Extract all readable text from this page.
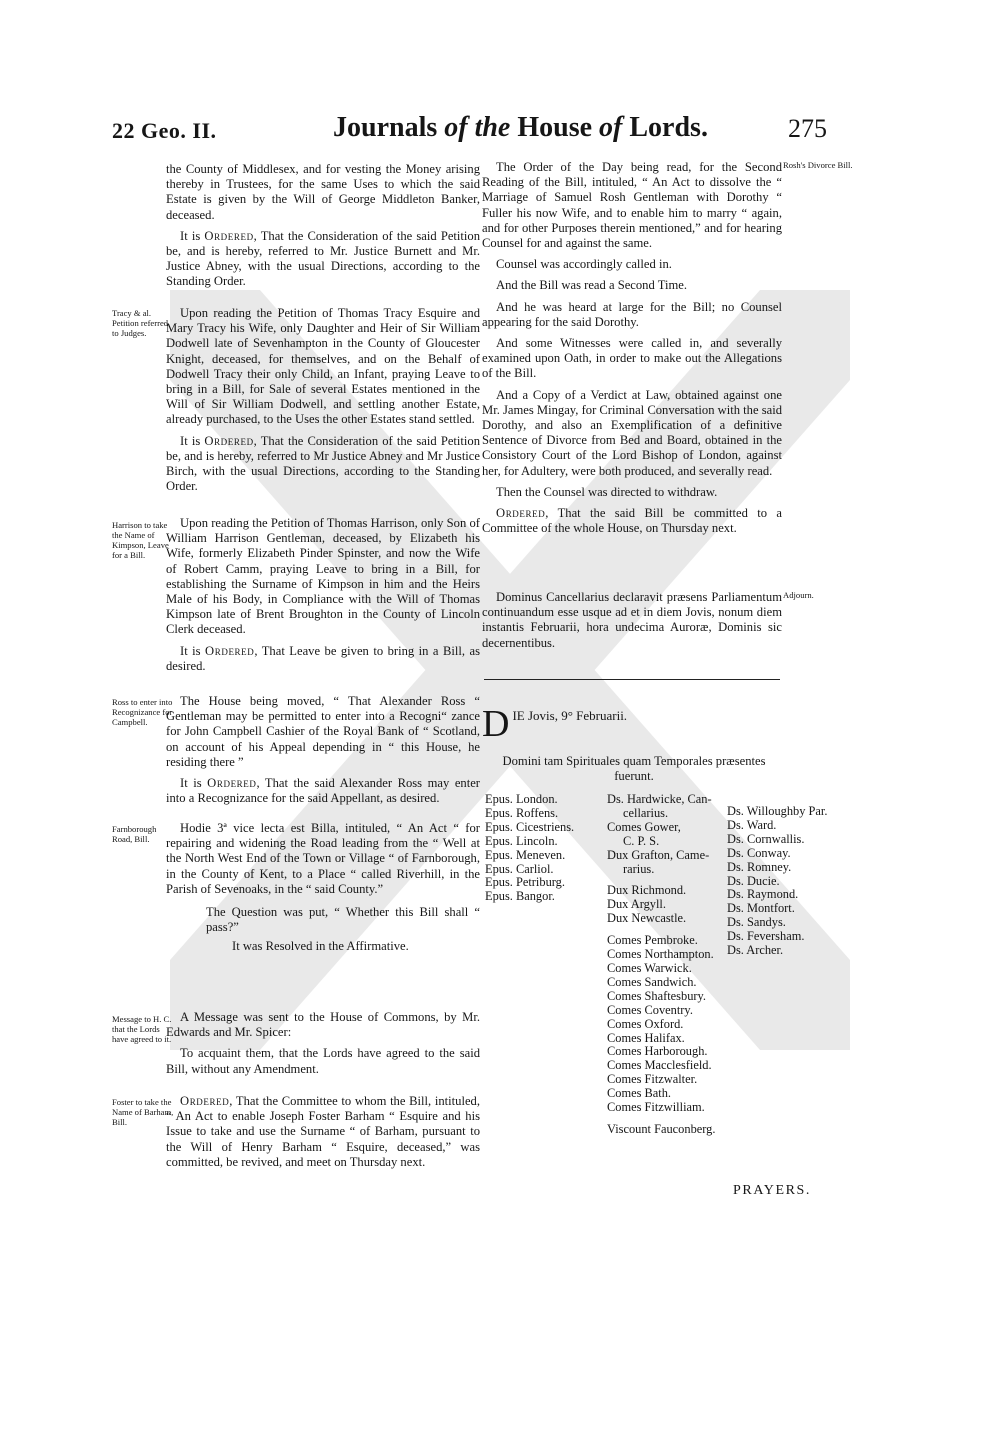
22 Geo. II.	Journals of the House of Lords.	275

the County of Middlesex, and for vesting the Money arising thereby in Trustees, for the same Uses to which the said Estate is given by the Will of George Middleton Banker, deceased.

It is Ordered, That the Consideration of the said Petition be, and is hereby, referred to Mr. Justice Burnett and Mr. Justice Abney, with the usual Directions, according to the Standing Order.

Tracy & al. Petition referred to Judges.

Upon reading the Petition of Thomas Tracy Esquire and Mary Tracy his Wife, only Daughter and Heir of Sir William Dodwell late of Sevenhampton in the County of Gloucester Knight, deceased, for themselves, and on the Behalf of Dodwell Tracy their only Child, an Infant, praying Leave to bring in a Bill, for Sale of several Estates mentioned in the Will of Sir William Dodwell, and settling another Estate, already purchased, to the Uses the other Estates stand settled.

It is Ordered, That the Consideration of the said Petition be, and is hereby, referred to Mr Justice Abney and Mr Justice Birch, with the usual Directions, according to the Standing Order.

Harrison to take the Name of Kimpson, Leave for a Bill.

Upon reading the Petition of Thomas Harrison, only Son of William Harrison Gentleman, deceased, by Elizabeth his Wife, formerly Elizabeth Pinder Spinster, and now the Wife of Robert Camm, praying Leave to bring in a Bill, for establishing the Surname of Kimpson in him and the Heirs Male of his Body, in Compliance with the Will of Thomas Kimpson late of Brent Broughton in the County of Lincoln Clerk deceased.

It is Ordered, That Leave be given to bring in a Bill, as desired.

Ross to enter into Recognizance for Campbell.

The House being moved, “ That Alexander Ross “ Gentleman may be permitted to enter into a Recogni“ zance for John Campbell Cashier of the Royal Bank of “ Scotland, on account of his Appeal depending in “ this House, he residing there ”

It is Ordered, That the said Alexander Ross may enter into a Recognizance for the said Appellant, as desired.

Farnborough Road, Bill.

Hodie 3ª vice lecta est Billa, intituled, “ An Act “ for repairing and widening the Road leading from the “ Well at the North West End of the Town or Village “ of Farnborough, in the County of Kent, to a Place “ called Riverhill, in the Parish of Sevenoaks, in the “ said County.”

The Question was put, “ Whether this Bill shall “ pass?”

It was Resolved in the Affirmative.

Message to H. C. that the Lords have agreed to it.

A Message was sent to the House of Commons, by Mr. Edwards and Mr. Spicer:

To acquaint them, that the Lords have agreed to the said Bill, without any Amendment.

Foster to take the Name of Barham, Bill.

Ordered, That the Committee to whom the Bill, intituled, “ An Act to enable Joseph Foster Barham “ Esquire and his Issue to take and use the Surname “ of Barham, pursuant to the Will of Henry Barham “ Esquire, deceased,” was committed, be revived, and meet on Thursday next.

Rosh's Divorce Bill.

The Order of the Day being read, for the Second Reading of the Bill, intituled, “ An Act to dissolve the “ Marriage of Samuel Rosh Gentleman with Dorothy “ Fuller his now Wife, and to enable him to marry “ again, and for other Purposes therein mentioned,” and for hearing Counsel for and against the same.

Counsel was accordingly called in.

And the Bill was read a Second Time.

And he was heard at large for the Bill; no Counsel appearing for the said Dorothy.

And some Witnesses were called in, and severally examined upon Oath, in order to make out the Allegations of the Bill.

And a Copy of a Verdict at Law, obtained against one Mr. James Mingay, for Criminal Conversation with the said Dorothy, and also an Exemplification of a definitive Sentence of Divorce from Bed and Board, obtained in the Consistory Court of the Lord Bishop of London, against her, for Adultery, were both produced, and severally read.

Then the Counsel was directed to withdraw.

Ordered, That the said Bill be committed to a Committee of the whole House, on Thursday next.

Adjourn.

Dominus Cancellarius declaravit præsens Parliamentum continuandum esse usque ad et in diem Jovis, nonum diem instantis Februarii, hora undecima Auroræ, Dominis sic decernentibus.

D IE Jovis, 9° Februarii.
Domini tam Spirituales quam Temporales præsentes fuerunt.
Epus. London.
Epus. Roffens.
Epus. Cicestriens.
Epus. Lincoln.
Epus. Meneven.
Epus. Carliol.
Epus. Petriburg.
Epus. Bangor.
Ds. Hardwicke, Can-
cellarius.
Comes Gower,
C. P. S.
Dux Grafton, Came-
rarius.
Dux Richmond.
Dux Argyll.
Dux Newcastle.
Comes Pembroke.
Comes Northampton.
Comes Warwick.
Comes Sandwich.
Comes Shaftesbury.
Comes Coventry.
Comes Oxford.
Comes Halifax.
Comes Harborough.
Comes Macclesfield.
Comes Fitzwalter.
Comes Bath.
Comes Fitzwilliam.
Viscount Fauconberg.
Ds. Willoughby Par.
Ds. Ward.
Ds. Cornwallis.
Ds. Conway.
Ds. Romney.
Ds. Ducie.
Ds. Raymond.
Ds. Montfort.
Ds. Sandys.
Ds. Feversham.
Ds. Archer.
PRAYERS.
